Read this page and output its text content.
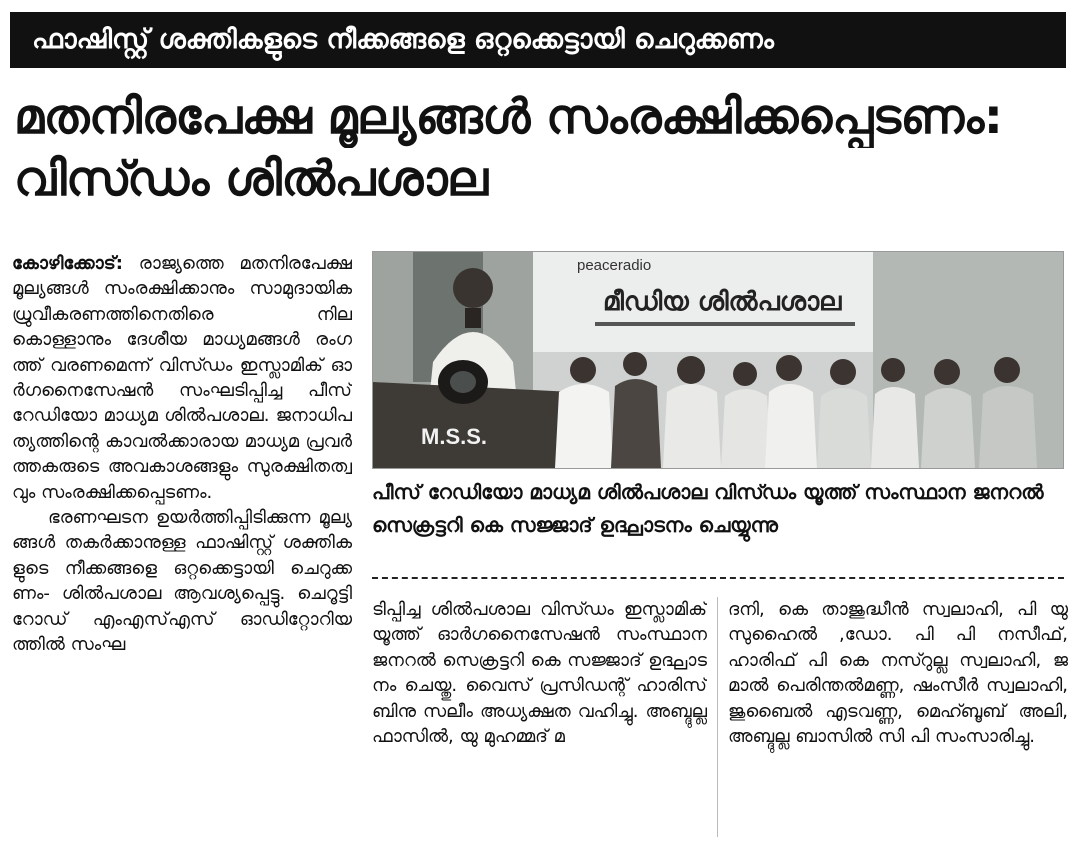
ഫാഷിസ്റ്റ് ശക്തികളുടെ നീക്കങ്ങളെ ഒറ്റക്കെട്ടായി ചെറുക്കണം
മതനിരപേക്ഷ മൂല്യങ്ങൾ സംരക്ഷിക്കപ്പെടണം:
വിസ്ഡം ശിൽപശാല
കോഴിക്കോട്: രാജ്യത്തെ മതനിരപേക്ഷ മൂല്യങ്ങൾ സംരക്ഷിക്കാനും സാമുദായിക ധ്രുവീകരണത്തിനെതിരെ നിലകൊള്ളാനും ദേശീയ മാധ്യമങ്ങൾ രംഗത്ത് വരണമെന്ന് വിസ്ഡം ഇസ്ലാമിക് ഓർഗനൈസേഷൻ സംഘടിപ്പിച്ച പീസ് റേഡിയോ മാധ്യമ ശിൽപശാല. ജനാധിപത്യത്തിന്റെ കാവൽക്കാരായ മാധ്യമ പ്രവർത്തകരുടെ അവകാശങ്ങളും സുരക്ഷിതത്വവും സംരക്ഷിക്കപ്പെടണം.
ഭരണഘടന ഉയർത്തിപ്പിടിക്കുന്ന മൂല്യങ്ങൾ തകർക്കാനുള്ള ഫാഷിസ്റ്റ് ശക്തികളുടെ നീക്കങ്ങളെ ഒറ്റക്കെട്ടായി ചെറുക്കണം- ശിൽപശാല ആവശ്യപ്പെട്ടു. ചെറൂട്ടി റോഡ് എംഎസ്എസ് ഓഡിറ്റോറിയത്തിൽ സംഘ
peaceradio
മീഡിയ ശിൽപശാല
M.S.S.
പീസ് റേഡിയോ മാധ്യമ ശിൽപശാല വിസ്ഡം യൂത്ത് സംസ്ഥാന ജനറൽ സെക്രട്ടറി കെ സജ്ജാദ് ഉദ്ഘാടനം ചെയ്യുന്നു
ടിപ്പിച്ച ശിൽപശാല വിസ്ഡം ഇസ്ലാമിക് യൂത്ത് ഓർഗനൈസേഷൻ സംസ്ഥാന ജനറൽ സെക്രട്ടറി കെ സജ്ജാദ് ഉദ്ഘാടനം ചെയ്തു. വൈസ് പ്രസിഡന്റ് ഹാരിസ് ബിനു സലീം അധ്യക്ഷത വഹിച്ചു. അബ്ദുല്ല ഫാസിൽ, യു മുഹമ്മദ് മ
ദനി, കെ താജുദ്ധീൻ സ്വലാഹി, പി യു സുഹൈൽ ,ഡോ. പി പി നസീഫ്, ഹാരിഫ് പി കെ നസ്റുല്ല സ്വലാഹി, ജമാൽ പെരിന്തൽമണ്ണ, ഷംസീർ സ്വലാഹി, ജുബൈൽ എടവണ്ണ, മെഹ്ബൂബ് അലി, അബ്ദുല്ല ബാസിൽ സി പി സംസാരിച്ചു.
